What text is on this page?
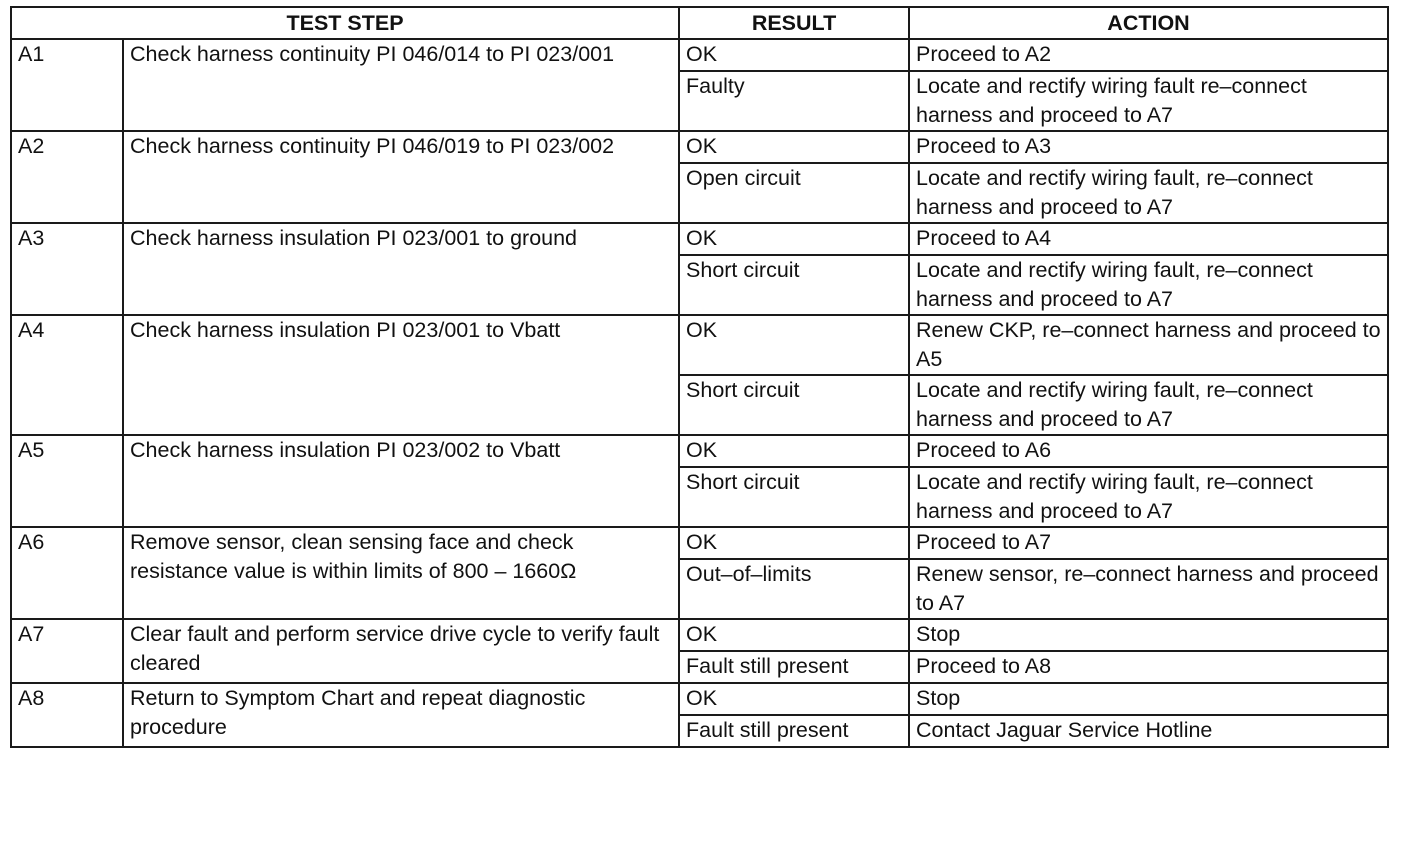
TEST STEP		RESULT	ACTION
A1	Check harness continuity PI 046/014 to PI 023/001	OK	Proceed to A2
		Faulty	Locate and rectify wiring fault re–connect harness and proceed to A7
A2	Check harness continuity PI 046/019 to PI 023/002	OK	Proceed to A3
		Open circuit	Locate and rectify wiring fault, re–connect harness and proceed to A7
A3	Check harness insulation PI 023/001 to ground	OK	Proceed to A4
		Short circuit	Locate and rectify wiring fault, re–connect harness and proceed to A7
A4	Check harness insulation PI 023/001 to Vbatt	OK	Renew CKP, re–connect harness and proceed to A5
		Short circuit	Locate and rectify wiring fault, re–connect harness and proceed to A7
A5	Check harness insulation PI 023/002 to Vbatt	OK	Proceed to A6
		Short circuit	Locate and rectify wiring fault, re–connect harness and proceed to A7
A6	Remove sensor, clean sensing face and check resistance value is within limits of 800 – 1660Ω	OK	Proceed to A7
		Out–of–limits	Renew sensor, re–connect harness and proceed to A7
A7	Clear fault and perform service drive cycle to verify fault cleared	OK	Stop
		Fault still present	Proceed to A8
A8	Return to Symptom Chart and repeat diagnostic procedure	OK	Stop
		Fault still present	Contact Jaguar Service Hotline
